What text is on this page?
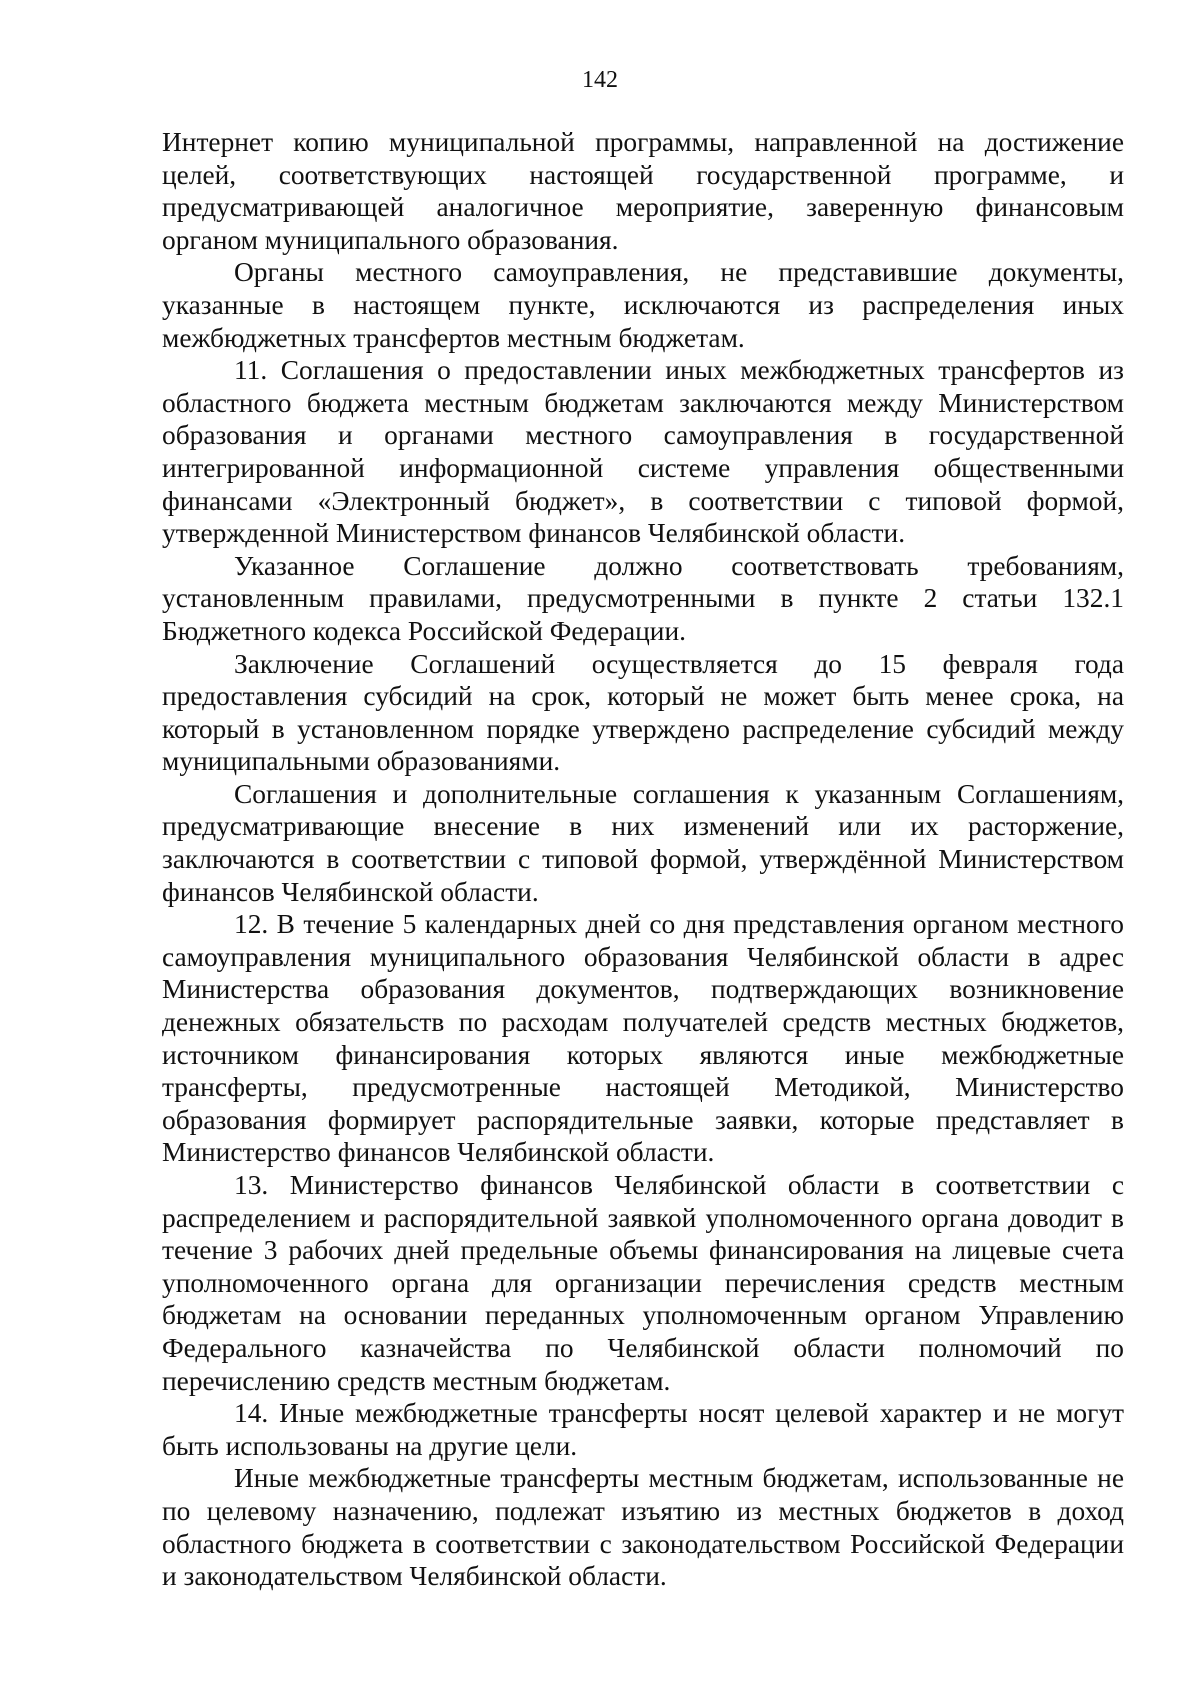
142

Интернет копию муниципальной программы, направленной на достижение целей, соответствующих настоящей государственной программе, и предусматривающей аналогичное мероприятие, заверенную финансовым органом муниципального образования.

Органы местного самоуправления, не представившие документы, указанные в настоящем пункте, исключаются из распределения иных межбюджетных трансфертов местным бюджетам.

11. Соглашения о предоставлении иных межбюджетных трансфертов из областного бюджета местным бюджетам заключаются между Министерством образования и органами местного самоуправления в государственной интегрированной информационной системе управления общественными финансами «Электронный бюджет», в соответствии с типовой формой, утвержденной Министерством финансов Челябинской области.

Указанное Соглашение должно соответствовать требованиям, установленным правилами, предусмотренными в пункте 2 статьи 132.1 Бюджетного кодекса Российской Федерации.

Заключение Соглашений осуществляется до 15 февраля года предоставления субсидий на срок, который не может быть менее срока, на который в установленном порядке утверждено распределение субсидий между муниципальными образованиями.

Соглашения и дополнительные соглашения к указанным Соглашениям, предусматривающие внесение в них изменений или их расторжение, заключаются в соответствии с типовой формой, утверждённой Министерством финансов Челябинской области.

12. В течение 5 календарных дней со дня представления органом местного самоуправления муниципального образования Челябинской области в адрес Министерства образования документов, подтверждающих возникновение денежных обязательств по расходам получателей средств местных бюджетов, источником финансирования которых являются иные межбюджетные трансферты, предусмотренные настоящей Методикой, Министерство образования формирует распорядительные заявки, которые представляет в Министерство финансов Челябинской области.

13. Министерство финансов Челябинской области в соответствии с распределением и распорядительной заявкой уполномоченного органа доводит в течение 3 рабочих дней предельные объемы финансирования на лицевые счета уполномоченного органа для организации перечисления средств местным бюджетам на основании переданных уполномоченным органом Управлению Федерального казначейства по Челябинской области полномочий по перечислению средств местным бюджетам.

14. Иные межбюджетные трансферты носят целевой характер и не могут быть использованы на другие цели.

Иные межбюджетные трансферты местным бюджетам, использованные не по целевому назначению, подлежат изъятию из местных бюджетов в доход областного бюджета в соответствии с законодательством Российской Федерации и законодательством Челябинской области.
